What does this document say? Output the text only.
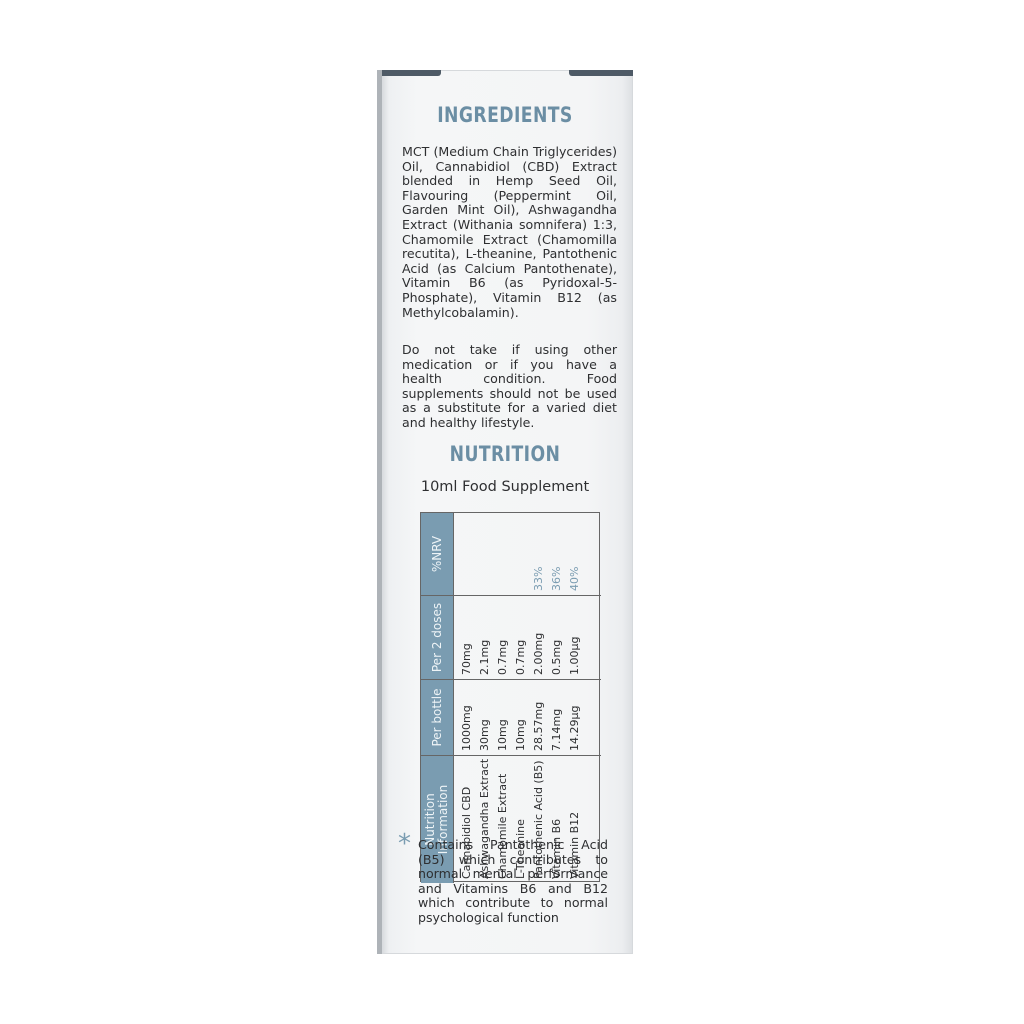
INGREDIENTS
MCT (Medium Chain Triglycerides) Oil, Cannabidiol (CBD) Extract blended in Hemp Seed Oil, Flavouring (Peppermint Oil, Garden Mint Oil), Ashwagandha Extract (Withania somnifera) 1:3, Chamomile Extract (Chamomilla recutita), L-theanine, Pantothenic Acid (as Calcium Pantothenate), Vitamin B6 (as Pyridoxal-5-Phosphate), Vitamin B12 (as Methylcobalamin).
Do not take if using other medication or if you have a health condition. Food supplements should not be used as a substitute for a varied diet and healthy lifestyle.
NUTRITION
10ml Food Supplement
Nutrition Information
Per bottle
Per 2 doses
%NRV
Cannabidiol CBD Ashwagandha Extract Chamomile Extract L-Theanine Pantothenic Acid (B5) Vitamin B6 Vitamin B12
1000mg 30mg 10mg 10mg 28.57mg 7.14mg 14.29μg
70mg 2.1mg 0.7mg 0.7mg 2.00mg 0.5mg 1.00μg

33% 36% 40%
* Contains Pantothenic Acid (B5) which contributes to normal mental performance and Vitamins B6 and B12 which contribute to normal psychological function
